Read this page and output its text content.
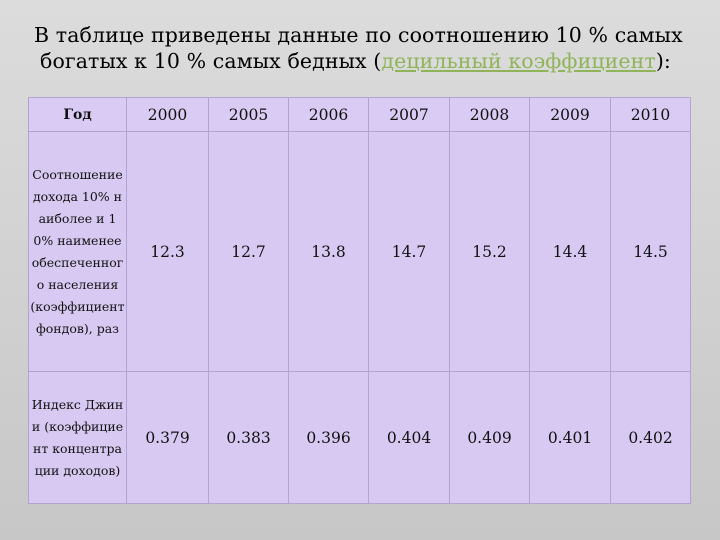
В таблице приведены данные по соотношению 10 % самых
богатых к 10 % самых бедных (децильный коэффициент):
Год	2000	2005	2006	2007	2008	2009	2010
Соотношение дохода 10% наиболее и 10% наименее обеспеченного населения (коэффициент фондов), раз	12.3	12.7	13.8	14.7	15.2	14.4	14.5
Индекс Джини (коэффициент концентрации доходов)	0.379	0.383	0.396	0.404	0.409	0.401	0.402
